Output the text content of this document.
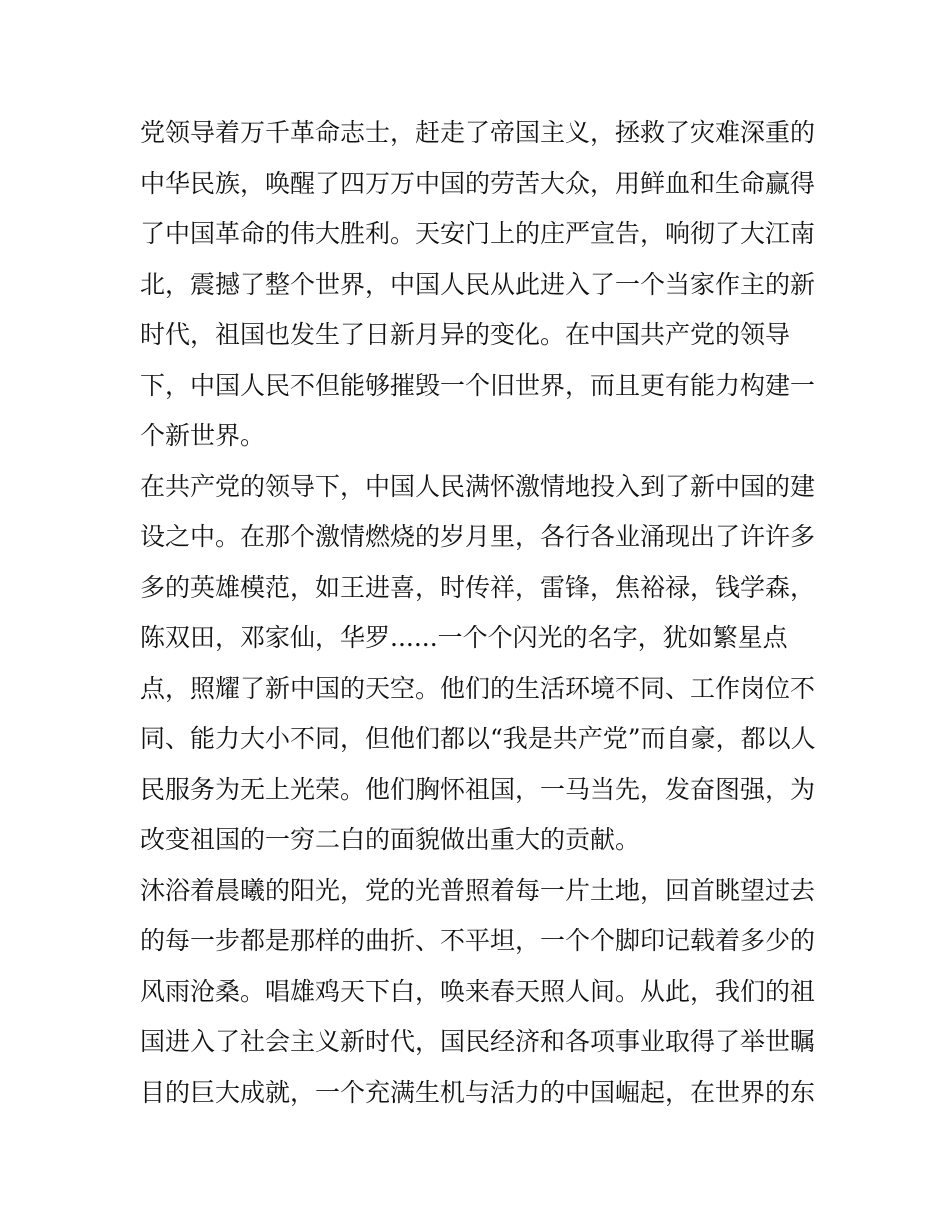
党领导着万千革命志士，赶走了帝国主义，拯救了灾难深重的
中华民族，唤醒了四万万中国的劳苦大众，用鲜血和生命赢得
了中国革命的伟大胜利。天安门上的庄严宣告，响彻了大江南
北，震撼了整个世界，中国人民从此进入了一个当家作主的新
时代，祖国也发生了日新月异的变化。在中国共产党的领导
下，中国人民不但能够摧毁一个旧世界，而且更有能力构建一
个新世界。
在共产党的领导下，中国人民满怀激情地投入到了新中国的建
设之中。在那个激情燃烧的岁月里，各行各业涌现出了许许多
多的英雄模范，如王进喜，时传祥，雷锋，焦裕禄，钱学森，
陈双田，邓家仙，华罗......一个个闪光的名字，犹如繁星点
点，照耀了新中国的天空。他们的生活环境不同、工作岗位不
同、能力大小不同，但他们都以“我是共产党”而自豪，都以人
民服务为无上光荣。他们胸怀祖国，一马当先，发奋图强，为
改变祖国的一穷二白的面貌做出重大的贡献。
沐浴着晨曦的阳光，党的光普照着每一片土地，回首眺望过去
的每一步都是那样的曲折、不平坦，一个个脚印记载着多少的
风雨沧桑。唱雄鸡天下白，唤来春天照人间。从此，我们的祖
国进入了社会主义新时代，国民经济和各项事业取得了举世瞩
目的巨大成就，一个充满生机与活力的中国崛起，在世界的东
